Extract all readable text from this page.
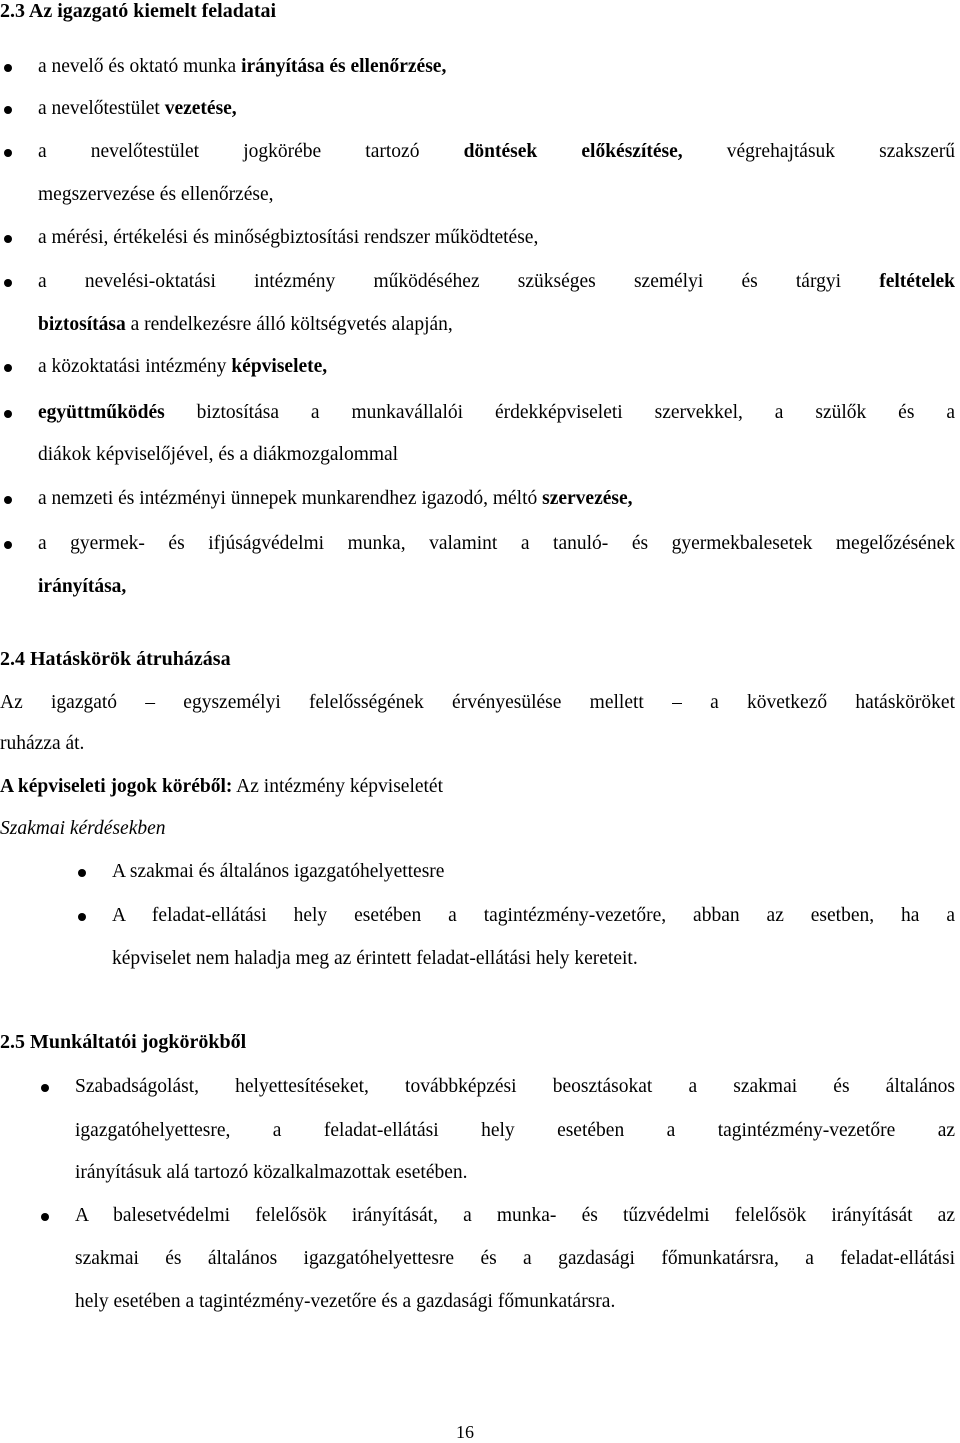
2.3 Az igazgató kiemelt feladatai
a nevelő és oktató munka irányítása és ellenőrzése,
a nevelőtestület vezetése,
a nevelőtestület jogkörébe tartozó döntések előkészítése, végrehajtásuk szakszerű
megszervezése és ellenőrzése,
a mérési, értékelési és minőségbiztosítási rendszer működtetése,
a nevelési-oktatási intézmény működéséhez szükséges személyi és tárgyi feltételek
biztosítása a rendelkezésre álló költségvetés alapján,
a közoktatási intézmény képviselete,
együttműködés biztosítása a munkavállalói érdekképviseleti szervekkel, a szülők és a
diákok képviselőjével, és a diákmozgalommal
a nemzeti és intézményi ünnepek munkarendhez igazodó, méltó szervezése,
a gyermek- és ifjúságvédelmi munka, valamint a tanuló- és gyermekbalesetek megelőzésének
irányítása,
2.4 Hatáskörök átruházása
Az igazgató – egyszemélyi felelősségének érvényesülése mellett – a következő hatásköröket
ruházza át.
A képviseleti jogok köréből: Az intézmény képviseletét
Szakmai kérdésekben
A szakmai és általános igazgatóhelyettesre
A feladat-ellátási hely esetében a tagintézmény-vezetőre, abban az esetben, ha a
képviselet nem haladja meg az érintett feladat-ellátási hely kereteit.
2.5 Munkáltatói jogkörökből
Szabadságolást, helyettesítéseket, továbbképzési beosztásokat a szakmai és általános
igazgatóhelyettesre, a feladat-ellátási hely esetében a tagintézmény-vezetőre az
irányításuk alá tartozó közalkalmazottak esetében.
A balesetvédelmi felelősök irányítását, a munka- és tűzvédelmi felelősök irányítását az
szakmai és általános igazgatóhelyettesre és a gazdasági főmunkatársra, a feladat-ellátási
hely esetében a tagintézmény-vezetőre és a gazdasági főmunkatársra.
16
